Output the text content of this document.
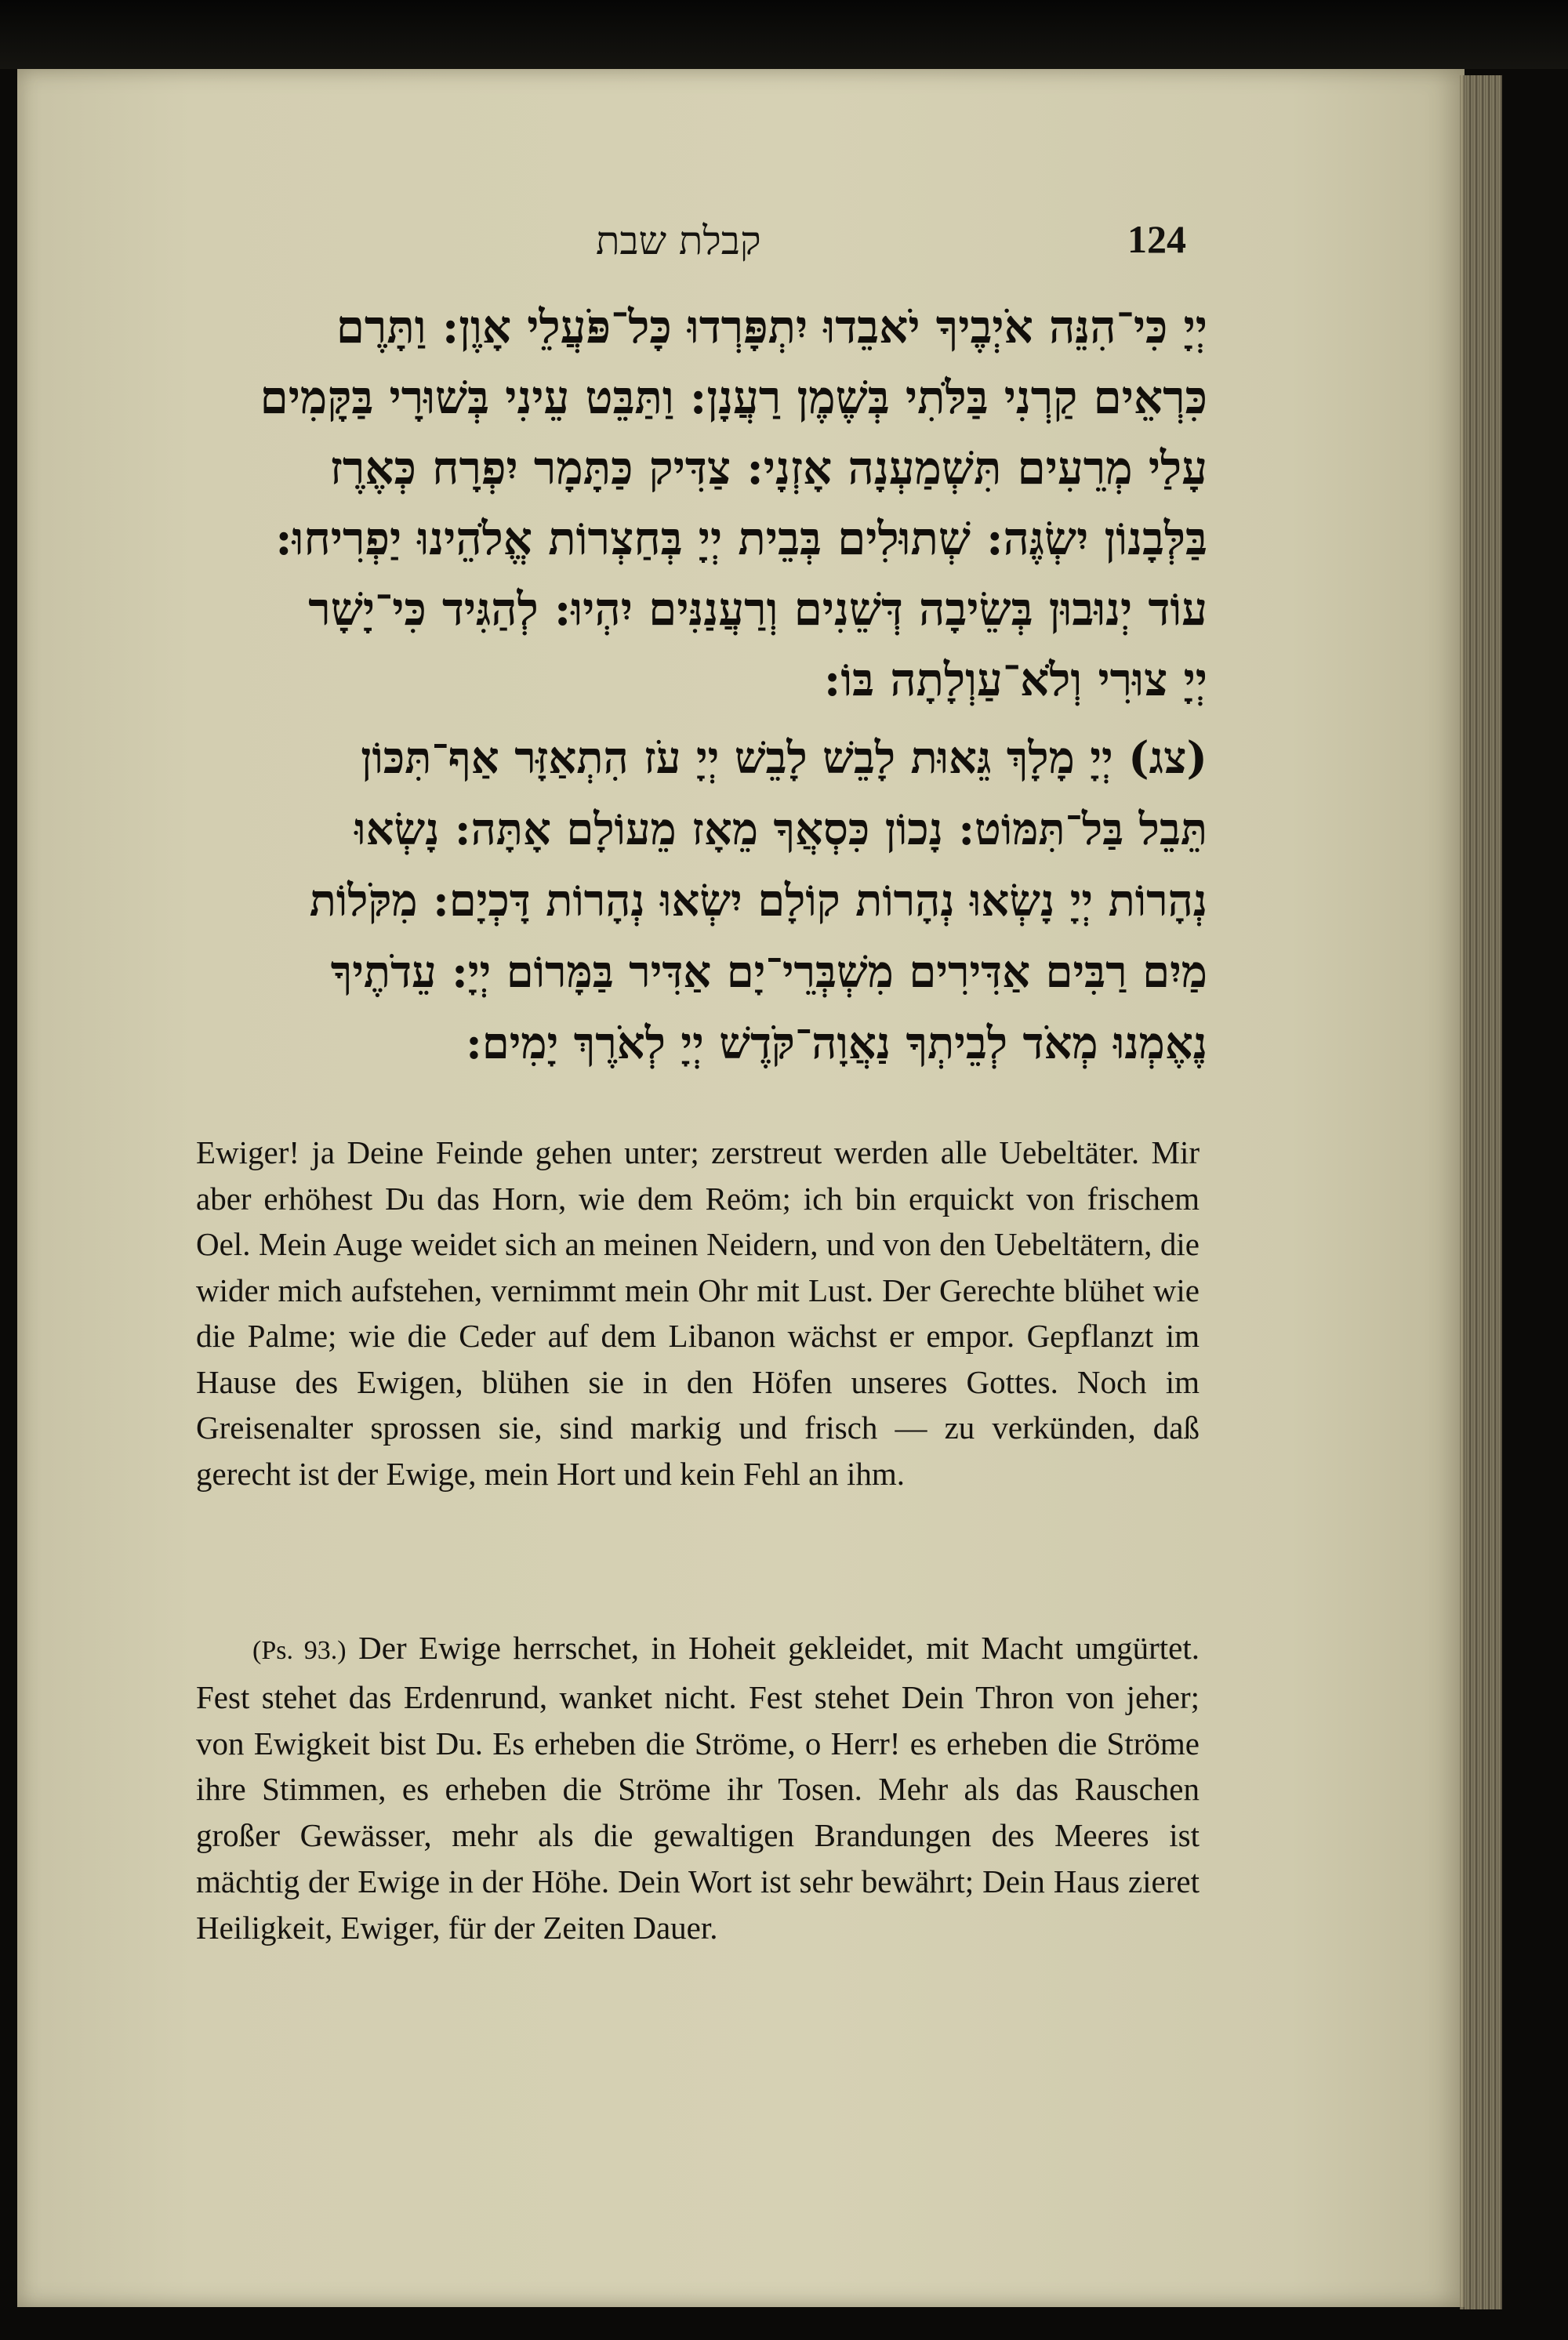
קבלת שבת	124
יְיָ כִּי־הִנֵּה אֹיְבֶיךָ יֹאבֵדוּ יִתְפָּרְדוּ כָּל־פֹּעֲלֵי אָוֶן: וַתָּרֶם
כִּרְאֵים קַרְנִי בַּלֹּתִי בְּשֶׁמֶן רַעֲנָן: וַתַּבֵּט עֵינִי בְּשׁוּרָי בַּקָּמִים
עָלַי מְרֵעִים תִּשְׁמַעְנָה אָזְנָי: צַדִּיק כַּתָּמָר יִפְרָח כְּאֶרֶז
בַּלְּבָנוֹן יִשְׂגֶּה: שְׁתוּלִים בְּבֵית יְיָ בְּחַצְרוֹת אֱלֹהֵינוּ יַפְרִיחוּ:
עוֹד יְנוּבוּן בְּשֵׂיבָה דְּשֵׁנִים וְרַעֲנַנִּים יִהְיוּ: לְהַגִּיד כִּי־יָשָׁר
יְיָ צוּרִי וְלֹא־עַוְלָתָה בּוֹ:
(צג) יְיָ מָלָךְ גֵּאוּת לָבֵשׁ לָבֵשׁ יְיָ עֹז הִתְאַזָּר אַף־תִּכּוֹן
תֵּבֵל בַּל־תִּמּוֹט: נָכוֹן כִּסְאֲךָ מֵאָז מֵעוֹלָם אָתָּה: נָשְׂאוּ
נְהָרוֹת יְיָ נָשְׂאוּ נְהָרוֹת קוֹלָם יִשְׂאוּ נְהָרוֹת דָּכְיָם: מִקֹּלוֹת
מַיִם רַבִּים אַדִּירִים מִשְׁבְּרֵי־יָם אַדִּיר בַּמָּרוֹם יְיָ: עֵדֹתֶיךָ
נֶאֶמְנוּ מְאֹד לְבֵיתְךָ נַאֲוָה־קֹּדֶשׁ יְיָ לְאֹרֶךְ יָמִים:

Ewiger! ja Deine Feinde gehen unter; zerstreut werden alle Uebeltäter. Mir aber erhöhest Du das Horn, wie dem Reöm; ich bin erquickt von frischem Oel. Mein Auge weidet sich an meinen Neidern, und von den Uebeltätern, die wider mich aufstehen, vernimmt mein Ohr mit Lust. Der Gerechte blühet wie die Palme; wie die Ceder auf dem Libanon wächst er empor. Gepflanzt im Hause des Ewigen, blühen sie in den Höfen unseres Gottes. Noch im Greisenalter sprossen sie, sind markig und frisch — zu verkünden, daß gerecht ist der Ewige, mein Hort und kein Fehl an ihm.

(Ps. 93.) Der Ewige herrschet, in Hoheit gekleidet, mit Macht umgürtet. Fest stehet das Erdenrund, wanket nicht. Fest stehet Dein Thron von jeher; von Ewigkeit bist Du. Es erheben die Ströme, o Herr! es erheben die Ströme ihre Stimmen, es erheben die Ströme ihr Tosen. Mehr als das Rauschen großer Gewässer, mehr als die gewaltigen Brandungen des Meeres ist mächtig der Ewige in der Höhe. Dein Wort ist sehr bewährt; Dein Haus zieret Heiligkeit, Ewiger, für der Zeiten Dauer.
